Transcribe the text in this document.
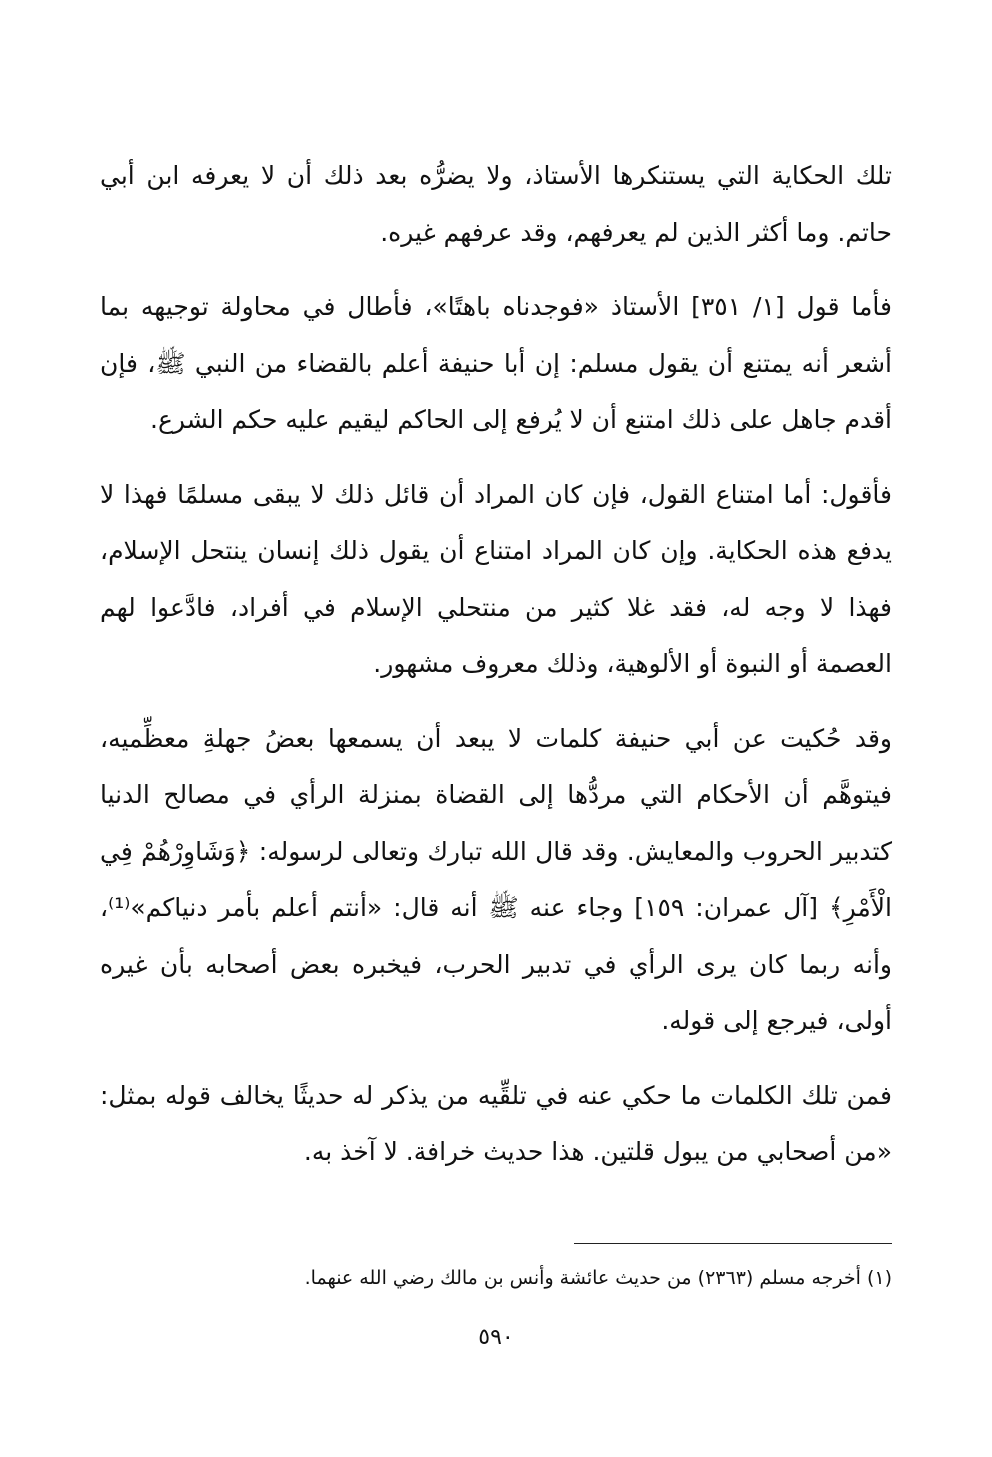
تلك الحكاية التي يستنكرها الأستاذ، ولا يضرُّه بعد ذلك أن لا يعرفه ابن أبي حاتم. وما أكثر الذين لم يعرفهم، وقد عرفهم غيره.

فأما قول [١/ ٣٥١] الأستاذ «فوجدناه باهتًا»، فأطال في محاولة توجيهه بما أشعر أنه يمتنع أن يقول مسلم: إن أبا حنيفة أعلم بالقضاء من النبي ﷺ، فإن أقدم جاهل على ذلك امتنع أن لا يُرفع إلى الحاكم ليقيم عليه حكم الشرع.

فأقول: أما امتناع القول، فإن كان المراد أن قائل ذلك لا يبقى مسلمًا فهذا لا يدفع هذه الحكاية. وإن كان المراد امتناع أن يقول ذلك إنسان ينتحل الإسلام، فهذا لا وجه له، فقد غلا كثير من منتحلي الإسلام في أفراد، فادَّعوا لهم العصمة أو النبوة أو الألوهية، وذلك معروف مشهور.

وقد حُكيت عن أبي حنيفة كلمات لا يبعد أن يسمعها بعضُ جهلةِ معظِّميه، فيتوهَّم أن الأحكام التي مردُّها إلى القضاة بمنزلة الرأي في مصالح الدنيا كتدبير الحروب والمعايش. وقد قال الله تبارك وتعالى لرسوله: ﴿وَشَاوِرْهُمْ فِي الْأَمْرِ﴾ [آل عمران: ١٥٩] وجاء عنه ﷺ أنه قال: «أنتم أعلم بأمر دنياكم»⁽¹⁾، وأنه ربما كان يرى الرأي في تدبير الحرب، فيخبره بعض أصحابه بأن غيره أولى، فيرجع إلى قوله.

فمن تلك الكلمات ما حكي عنه في تلقِّيه من يذكر له حديثًا يخالف قوله بمثل: «من أصحابي من يبول قلتين. هذا حديث خرافة. لا آخذ به.

(١) أخرجه مسلم (٢٣٦٣) من حديث عائشة وأنس بن مالك رضي الله عنهما.
٥٩٠
